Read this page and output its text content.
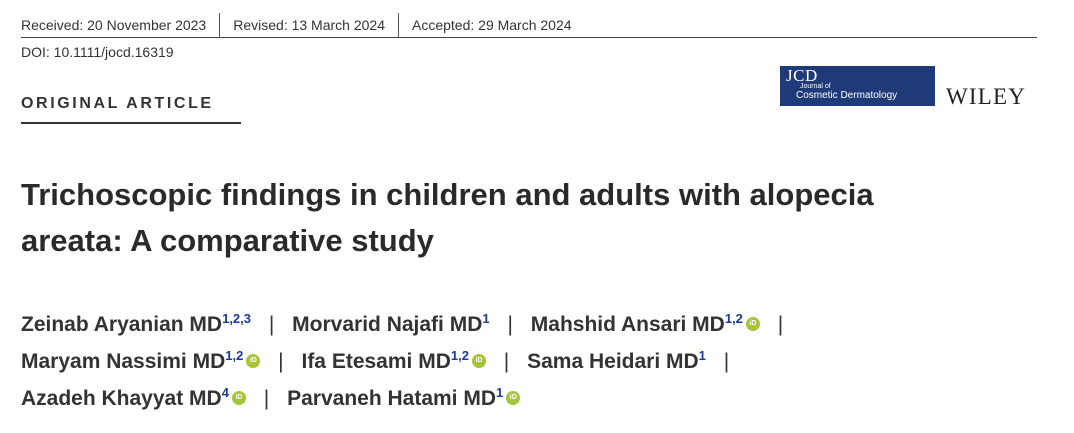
Received: 20 November 2023	Revised: 13 March 2024	Accepted: 29 March 2024
DOI: 10.1111/jocd.16319
ORIGINAL ARTICLE
JCD
Journal of
Cosmetic Dermatology	WILEY
Trichoscopic findings in children and adults with alopecia
areata: A comparative study
Zeinab Aryanian MD$^{1,2,3}$ | Morvarid Najafi $MD^1$ | Mahshid Ansari MD$^{1,2}$ iD |
Maryam Nassimi MD$^{1,2}$ iD | Ifa Etesami MD$^{1,2}$ iD | Sama Heidari $MD^1$ |
Azadeh Khayyat $MD^4$ iD | Parvaneh Hatami $MD^1$ iD
